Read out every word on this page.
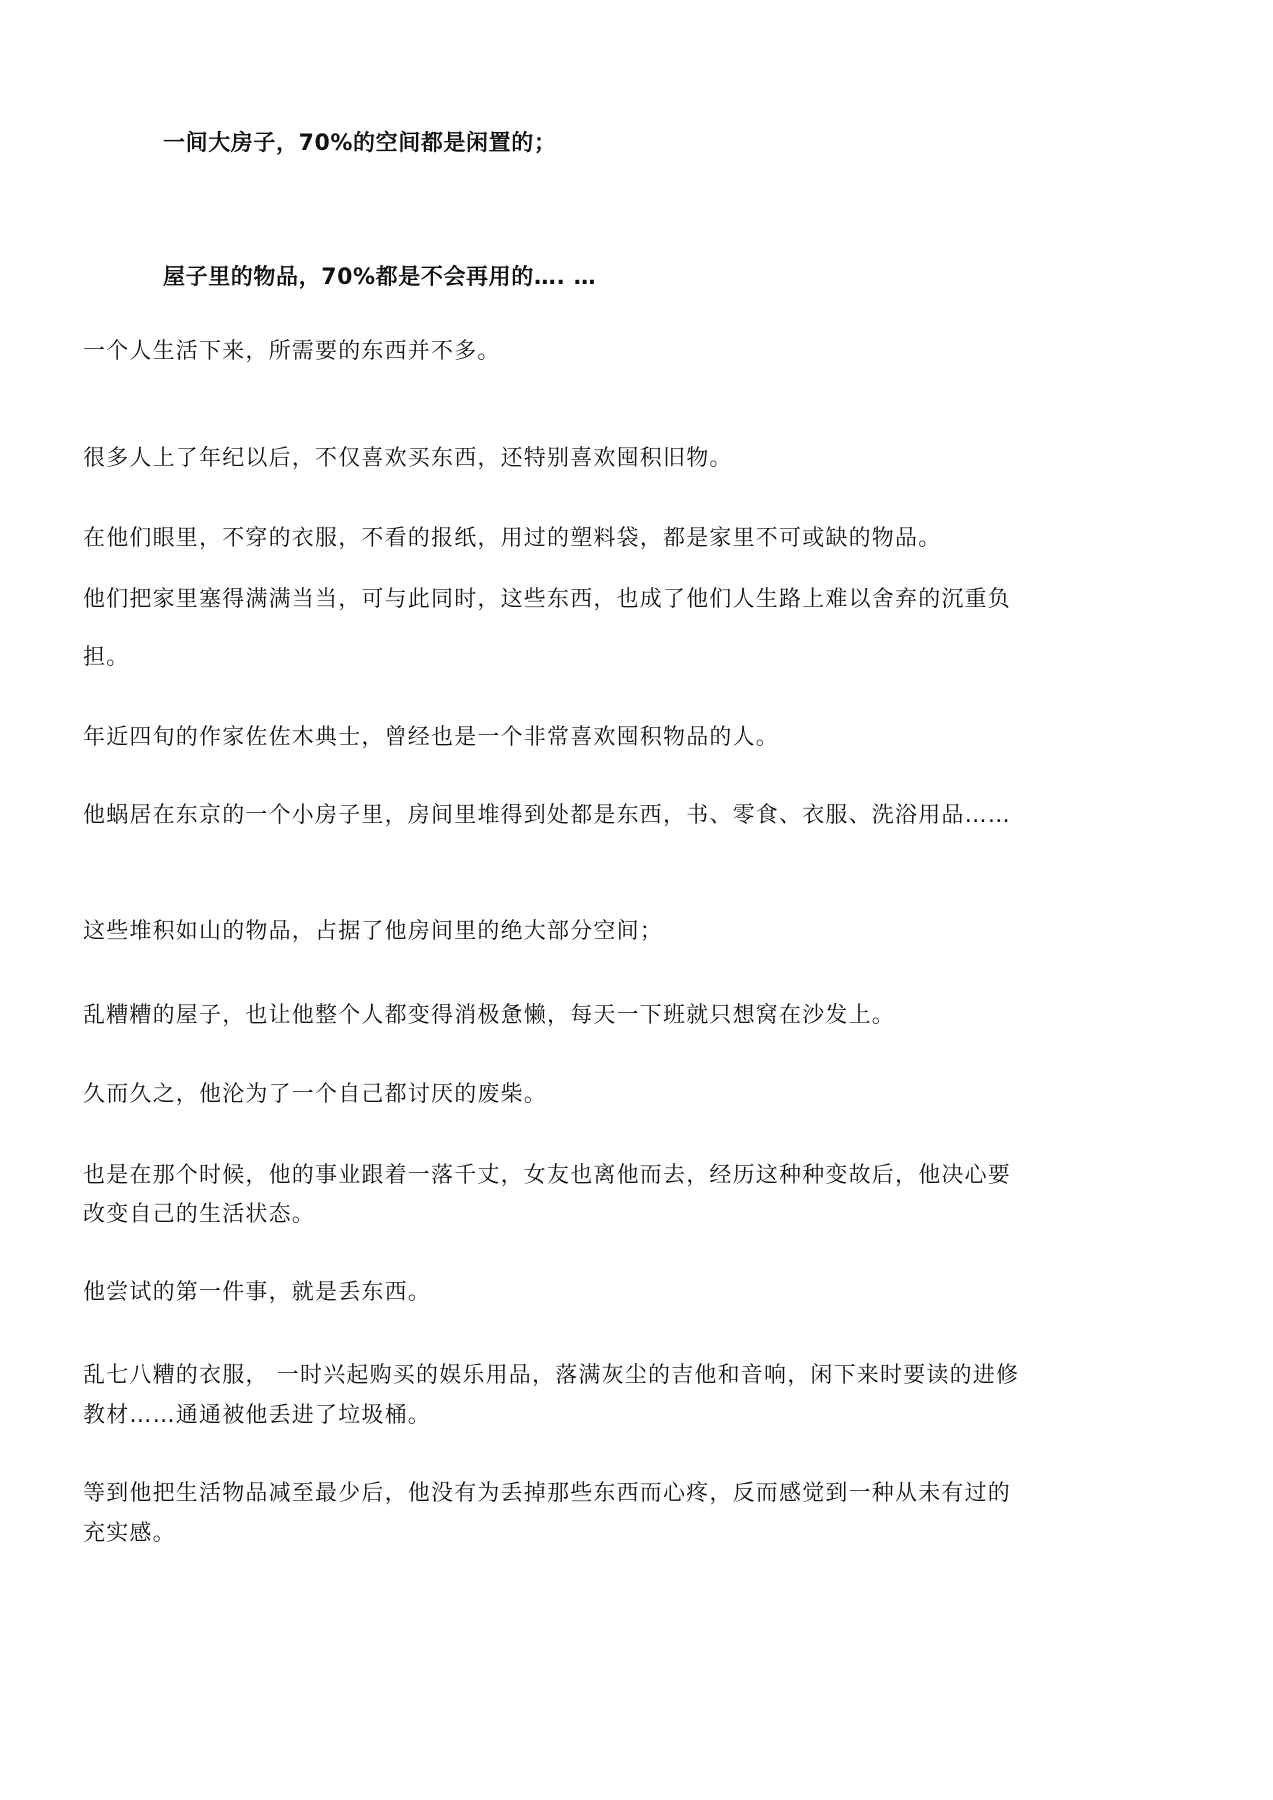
一间大房子，70%的空间都是闲置的；
屋子里的物品，70%都是不会再用的…. …
一个人生活下来，所需要的东西并不多。
很多人上了年纪以后，不仅喜欢买东西，还特别喜欢囤积旧物。
在他们眼里，不穿的衣服，不看的报纸，用过的塑料袋，都是家里不可或缺的物品。
他们把家里塞得满满当当，可与此同时，这些东西，也成了他们人生路上难以舍弃的沉重负
担。
年近四旬的作家佐佐木典士，曾经也是一个非常喜欢囤积物品的人。
他蜗居在东京的一个小房子里，房间里堆得到处都是东西，书、零食、衣服、洗浴用品……
这些堆积如山的物品，占据了他房间里的绝大部分空间；
乱糟糟的屋子，也让他整个人都变得消极惫懒，每天一下班就只想窝在沙发上。
久而久之，他沦为了一个自己都讨厌的废柴。
也是在那个时候，他的事业跟着一落千丈，女友也离他而去，经历这种种变故后，他决心要
改变自己的生活状态。
他尝试的第一件事，就是丢东西。
乱七八糟的衣服， 一时兴起购买的娱乐用品，落满灰尘的吉他和音响，闲下来时要读的进修
教材……通通被他丢进了垃圾桶。
等到他把生活物品减至最少后，他没有为丢掉那些东西而心疼，反而感觉到一种从未有过的
充实感。
